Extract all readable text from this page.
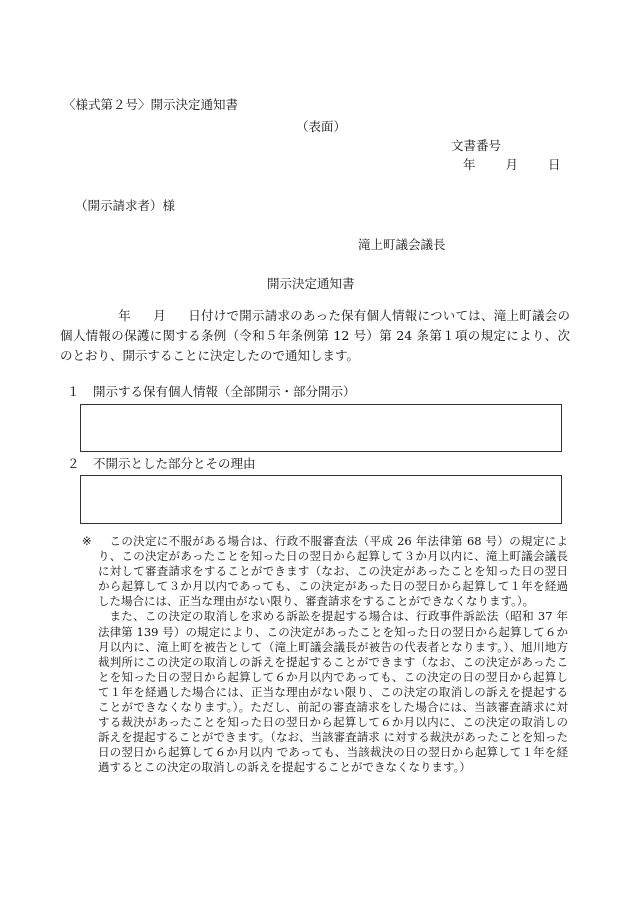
〈様式第２号〉開示決定通知書
（表面）
文書番号
年 月 日
（開示請求者）様
滝上町議会議長
開示決定通知書
年 月 日付けで開示請求のあった保有個人情報については、滝上町議会の個人情報の保護に関する条例（令和５年条例第 12 号）第 24 条第１項の規定により、次のとおり、開示することに決定したので通知します。
１ 開示する保有個人情報（全部開示・部分開示）
２ 不開示とした部分とその理由
※	この決定に不服がある場合は、行政不服審査法（平成 26 年法律第 68 号）の規定により、この決定があったことを知った日の翌日から起算して３か月以内に、滝上町議会議長に対して審査請求をすることができます（なお、この決定があったことを知った日の翌日から起算して３か月以内であっても、この決定があった日の翌日から起算して１年を経過した場合には、正当な理由がない限り、審査請求をすることができなくなります。）。
また、この決定の取消しを求める訴訟を提起する場合は、行政事件訴訟法（昭和 37 年法律第 139 号）の規定により、この決定があったことを知った日の翌日から起算して６か月以内に、滝上町を被告として（滝上町議会議長が被告の代表者となります。）、旭川地方裁判所にこの決定の取消しの訴えを提起することができます（なお、この決定があったことを知った日の翌日から起算して６か月以内であっても、この決定の日の翌日から起算して１年を経過した場合には、正当な理由がない限り、この決定の取消しの訴えを提起することができなくなります。）。ただし、前記の審査請求をした場合には、当該審査請求に対する裁決があったことを知った日の翌日から起算して６か月以内に、この決定の取消しの訴えを提起することができます。（なお、当該審査請求 に対する裁決があったことを知った日の翌日から起算して６か月以内 であっても、当該裁決の日の翌日から起算して１年を経過するとこの決定の取消しの訴えを提起することができなくなります。）
